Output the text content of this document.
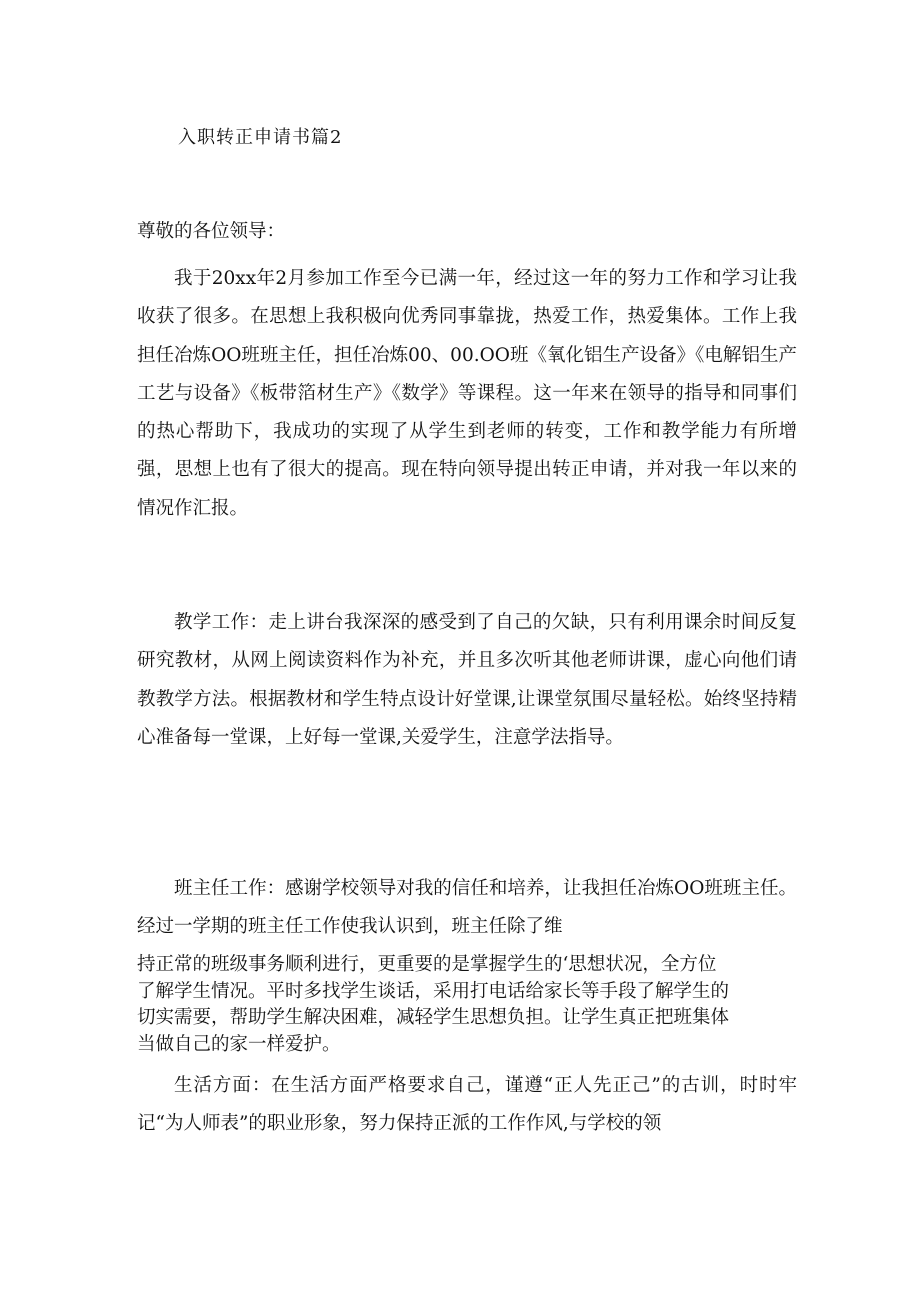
入职转正申请书篇2

尊敬的各位领导：

我于20xx年2月参加工作至今已满一年，经过这一年的努力工作和学习让我收获了很多。在思想上我积极向优秀同事靠拢，热爱工作，热爱集体。工作上我担任冶炼OO班班主任，担任冶炼00、00.OO班《氧化铝生产设备》《电解铝生产工艺与设备》《板带箔材生产》《数学》等课程。这一年来在领导的指导和同事们的热心帮助下，我成功的实现了从学生到老师的转变，工作和教学能力有所增强，思想上也有了很大的提高。现在特向领导提出转正申请，并对我一年以来的情况作汇报。

教学工作：走上讲台我深深的感受到了自己的欠缺，只有利用课余时间反复研究教材，从网上阅读资料作为补充，并且多次听其他老师讲课，虚心向他们请教教学方法。根据教材和学生特点设计好堂课,让课堂氛围尽量轻松。始终坚持精心准备每一堂课，上好每一堂课,关爱学生，注意学法指导。

班主任工作：感谢学校领导对我的信任和培养，让我担任冶炼OO班班主任。经过一学期的班主任工作使我认识到，班主任除了维

持正常的班级事务顺利进行，更重要的是掌握学生的‘思想状况，全方位
了解学生情况。平时多找学生谈话，采用打电话给家长等手段了解学生的
切实需要，帮助学生解决困难，减轻学生思想负担。让学生真正把班集体
当做自己的家一样爱护。

生活方面：在生活方面严格要求自己，谨遵“正人先正己”的古训，时时牢记“为人师表”的职业形象，努力保持正派的工作作风,与学校的领
